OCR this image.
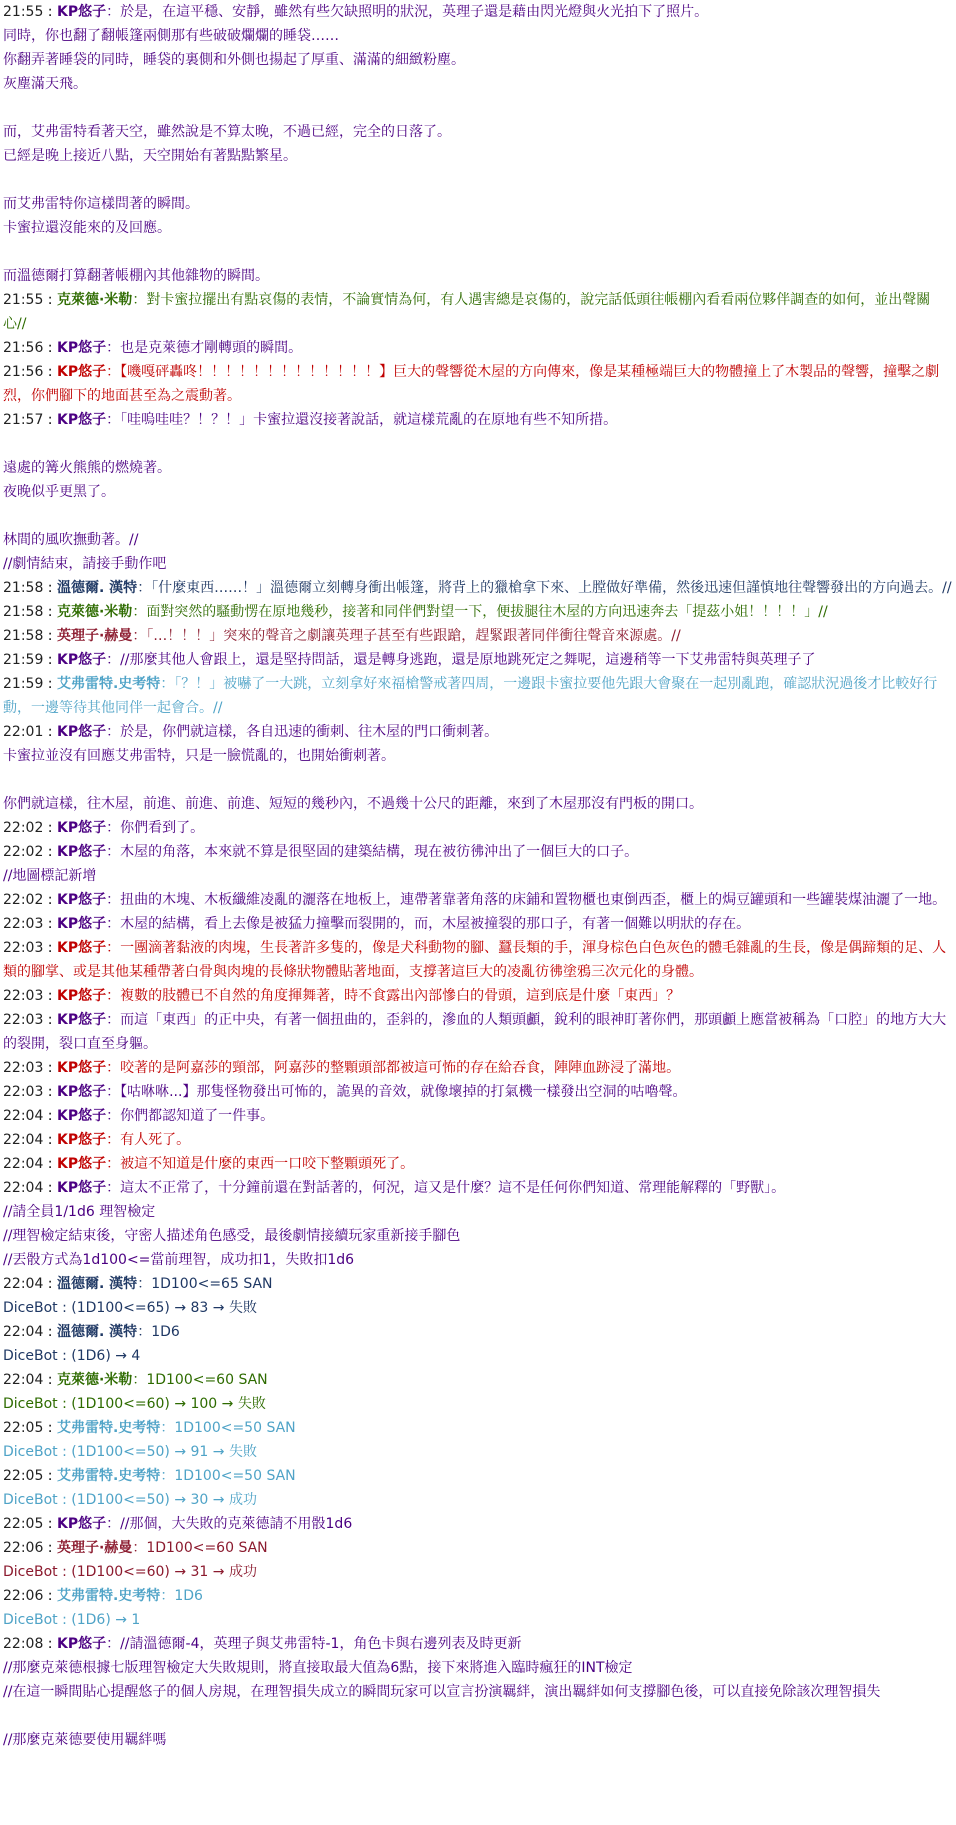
21:55 : KP悠子：於是，在這平穩、安靜，雖然有些欠缺照明的狀況，英理子還是藉由閃光燈與火光拍下了照片。
同時，你也翻了翻帳篷兩側那有些破破爛爛的睡袋……
你翻弄著睡袋的同時，睡袋的裏側和外側也揚起了厚重、滿滿的細緻粉塵。
灰塵滿天飛。
而，艾弗雷特看著天空，雖然說是不算太晚，不過已經，完全的日落了。
已經是晚上接近八點，天空開始有著點點繁星。
而艾弗雷特你這樣問著的瞬間。
卡蜜拉還沒能來的及回應。
而溫德爾打算翻著帳棚內其他雜物的瞬間。
21:55 : 克萊德·米勒：對卡蜜拉擺出有點哀傷的表情，不論實情為何，有人遇害總是哀傷的，說完話低頭往帳棚內看看兩位夥伴調查的如何，並出聲關心//
21:56 : KP悠子：也是克萊德才剛轉頭的瞬間。
21:56 : KP悠子：【嘰嘎砰轟咚！！！！！！！！！！！！！】巨大的聲響從木屋的方向傳來，像是某種極端巨大的物體撞上了木製品的聲響，撞擊之劇烈，你們腳下的地面甚至為之震動著。
21:57 : KP悠子：「哇嗚哇哇？！？！」卡蜜拉還沒接著說話，就這樣荒亂的在原地有些不知所措。
遠處的篝火熊熊的燃燒著。
夜晚似乎更黑了。
林間的風吹撫動著。//
//劇情結束，請接手動作吧
21:58 : 溫德爾. 漢特：「什麼東西……！」溫德爾立刻轉身衝出帳篷，將背上的獵槍拿下來、上膛做好準備，然後迅速但謹慎地往聲響發出的方向過去。//
21:58 : 克萊德·米勒：面對突然的騷動愣在原地幾秒，接著和同伴們對望一下，便拔腿往木屋的方向迅速奔去「提茲小姐！！！！」//
21:58 : 英理子·赫曼：「…！！！」突來的聲音之劇讓英理子甚至有些跟蹌，趕緊跟著同伴衝往聲音來源處。//
21:59 : KP悠子：//那麼其他人會跟上，還是堅持問話，還是轉身逃跑，還是原地跳死定之舞呢，這邊稍等一下艾弗雷特與英理子了
21:59 : 艾弗雷特.史考特：「？！」被嚇了一大跳，立刻拿好來福槍警戒著四周，一邊跟卡蜜拉要他先跟大會聚在一起別亂跑，確認狀況過後才比較好行動，一邊等待其他同伴一起會合。//
22:01 : KP悠子：於是，你們就這樣，各自迅速的衝刺、往木屋的門口衝刺著。
卡蜜拉並沒有回應艾弗雷特，只是一臉慌亂的，也開始衝刺著。
你們就這樣，往木屋，前進、前進、前進、短短的幾秒內，不過幾十公尺的距離，來到了木屋那沒有門板的開口。
22:02 : KP悠子：你們看到了。
22:02 : KP悠子：木屋的角落，本來就不算是很堅固的建築結構，現在被彷彿沖出了一個巨大的口子。
//地圖標記新增
22:02 : KP悠子：扭曲的木塊、木板纖維凌亂的灑落在地板上，連帶著靠著角落的床鋪和置物櫃也東倒西歪，櫃上的焗豆罐頭和一些罐裝煤油灑了一地。
22:03 : KP悠子：木屋的結構，看上去像是被猛力撞擊而裂開的，而，木屋被撞裂的那口子，有著一個難以明狀的存在。
22:03 : KP悠子：一團滴著黏液的肉塊，生長著許多隻的，像是犬科動物的腳、蠶長類的手，渾身棕色白色灰色的體毛雜亂的生長，像是偶蹄類的足、人類的腳掌、或是其他某種帶著白骨與肉塊的長條狀物體貼著地面，支撐著這巨大的凌亂彷彿塗鴉三次元化的身體。
22:03 : KP悠子：複數的肢體已不自然的角度揮舞著，時不食露出內部慘白的骨頭，這到底是什麼「東西」？
22:03 : KP悠子：而這「東西」的正中央，有著一個扭曲的，歪斜的，滲血的人類頭顱，銳利的眼神盯著你們，那頭顱上應當被稱為「口腔」的地方大大的裂開，裂口直至身軀。
22:03 : KP悠子：咬著的是阿嘉莎的頸部，阿嘉莎的整顆頭部都被這可怖的存在給吞食，陣陣血跡浸了滿地。
22:03 : KP悠子：【咕咻咻...】那隻怪物發出可怖的，詭異的音效，就像壞掉的打氣機一樣發出空洞的咕嚕聲。
22:04 : KP悠子：你們都認知道了一件事。
22:04 : KP悠子：有人死了。
22:04 : KP悠子：被這不知道是什麼的東西一口咬下整顆頭死了。
22:04 : KP悠子：這太不正常了，十分鐘前還在對話著的，何況，這又是什麼？這不是任何你們知道、常理能解釋的「野獸」。
//請全員1/1d6 理智檢定
//理智檢定結束後，守密人描述角色感受，最後劇情接續玩家重新接手腳色
//丟骰方式為1d100<=當前理智，成功扣1，失敗扣1d6
22:04 : 溫德爾. 漢特：1D100<=65 SAN
DiceBot : (1D100<=65) → 83 → 失敗
22:04 : 溫德爾. 漢特：1D6
DiceBot : (1D6) → 4
22:04 : 克萊德·米勒：1D100<=60 SAN
DiceBot : (1D100<=60) → 100 → 失敗
22:05 : 艾弗雷特.史考特：1D100<=50 SAN
DiceBot : (1D100<=50) → 91 → 失敗
22:05 : 艾弗雷特.史考特：1D100<=50 SAN
DiceBot : (1D100<=50) → 30 → 成功
22:05 : KP悠子：//那個，大失敗的克萊德請不用骰1d6
22:06 : 英理子·赫曼：1D100<=60 SAN
DiceBot : (1D100<=60) → 31 → 成功
22:06 : 艾弗雷特.史考特：1D6
DiceBot : (1D6) → 1
22:08 : KP悠子：//請溫德爾-4，英理子與艾弗雷特-1，角色卡與右邊列表及時更新
//那麼克萊德根據七版理智檢定大失敗規則，將直接取最大值為6點，接下來將進入臨時瘋狂的INT檢定
//在這一瞬間貼心提醒悠子的個人房規，在理智損失成立的瞬間玩家可以宣言扮演羈絆，演出羈絆如何支撐腳色後，可以直接免除該次理智損失
//那麼克萊德要使用羈絆嗎
